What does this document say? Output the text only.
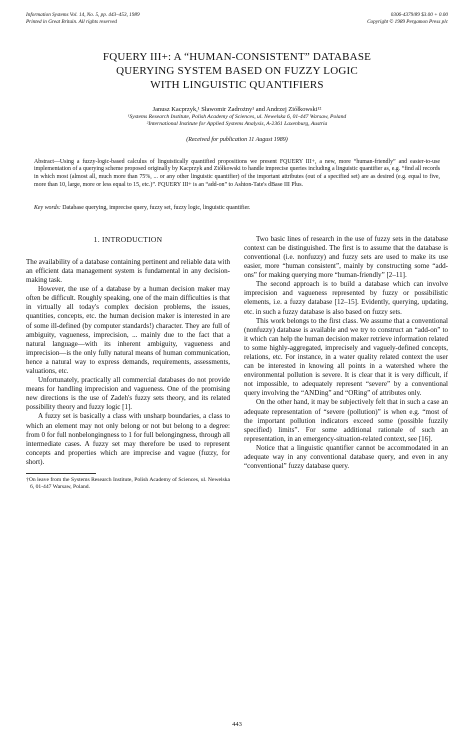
Information Systems Vol. 14, No. 5, pp. 443–453, 1989
Printed in Great Britain. All rights reserved
0306-4379/89 $3.00 + 0.00
Copyright © 1989 Pergamon Press plc
FQUERY III+: A “HUMAN-CONSISTENT” DATABASE
QUERYING SYSTEM BASED ON FUZZY LOGIC
WITH LINGUISTIC QUANTIFIERS
Janusz Kacprzyk,¹ Sławomir Zadrożny¹ and Andrzej Ziółkowski¹²
¹Systems Research Institute, Polish Academy of Sciences, ul. Newelska 6, 01-447 Warsaw, Poland
²International Institute for Applied Systems Analysis, A-2361 Laxenburg, Austria
(Received for publication 11 August 1989)
Abstract—Using a fuzzy-logic-based calculus of linguistically quantified propositions we present FQUERY III+, a new, more “human-friendly” and easier-to-use implementation of a querying scheme proposed originally by Kacprzyk and Ziółkowski to handle imprecise queries including a linguistic quantifier as, e.g. “find all records in which most (almost all, much more than 75%, ... or any other linguistic quantifier) of the important attributes (out of a specified set) are as desired (e.g. equal to five, more than 10, large, more or less equal to 15, etc.)”. FQUERY III+ is an “add-on” to Ashton-Tate's dBase III Plus.
Key words: Database querying, imprecise query, fuzzy set, fuzzy logic, linguistic quantifier.
1. INTRODUCTION

The availability of a database containing pertinent and reliable data with an efficient data management system is fundamental in any decision-making task.

However, the use of a database by a human decision maker may often be difficult. Roughly speaking, one of the main difficulties is that in virtually all today's complex decision problems, the issues, quantities, concepts, etc. the human decision maker is interested in are of some ill-defined (by computer standards!) character. They are full of ambiguity, vagueness, imprecision, ... mainly due to the fact that a natural language—with its inherent ambiguity, vagueness and imprecision—is the only fully natural means of human communication, hence a natural way to express demands, requirements, assessments, valuations, etc.

Unfortunately, practically all commercial databases do not provide means for handling imprecision and vagueness. One of the promising new directions is the use of Zadeh's fuzzy sets theory, and its related possibility theory and fuzzy logic [1].

A fuzzy set is basically a class with unsharp boundaries, a class to which an element may not only belong or not but belong to a degree: from 0 for full nonbelongingness to 1 for full belongingness, through all intermediate cases. A fuzzy set may therefore be used to represent concepts and properties which are imprecise and vague (fuzzy, for short).

†On leave from the Systems Research Institute, Polish Academy of Sciences, ul. Newelska 6, 01-447 Warsaw, Poland.

Two basic lines of research in the use of fuzzy sets in the database context can be distinguished. The first is to assume that the database is conventional (i.e. nonfuzzy) and fuzzy sets are used to make its use easier, more “human consistent”, mainly by constructing some “add-ons” for making querying more “human-friendly” [2–11].

The second approach is to build a database which can involve imprecision and vagueness represented by fuzzy or possibilistic elements, i.e. a fuzzy database [12–15]. Evidently, querying, updating, etc. in such a fuzzy database is also based on fuzzy sets.

This work belongs to the first class. We assume that a conventional (nonfuzzy) database is available and we try to construct an “add-on” to it which can help the human decision maker retrieve information related to some highly-aggregated, imprecisely and vaguely-defined concepts, relations, etc. For instance, in a water quality related context the user can be interested in knowing all points in a watershed where the environmental pollution is severe. It is clear that it is very difficult, if not impossible, to adequately represent “severe” by a conventional query involving the “ANDing” and “ORing” of attributes only.

On the other hand, it may be subjectively felt that in such a case an adequate representation of “severe (pollution)” is when e.g. “most of the important pollution indicators exceed some (possible fuzzily specified) limits”. For some additional rationale of such an representation, in an emergency-situation-related context, see [16].

Notice that a linguistic quantifier cannot be accommodated in an adequate way in any conventional database query, and even in any “conventional” fuzzy database query.

443
